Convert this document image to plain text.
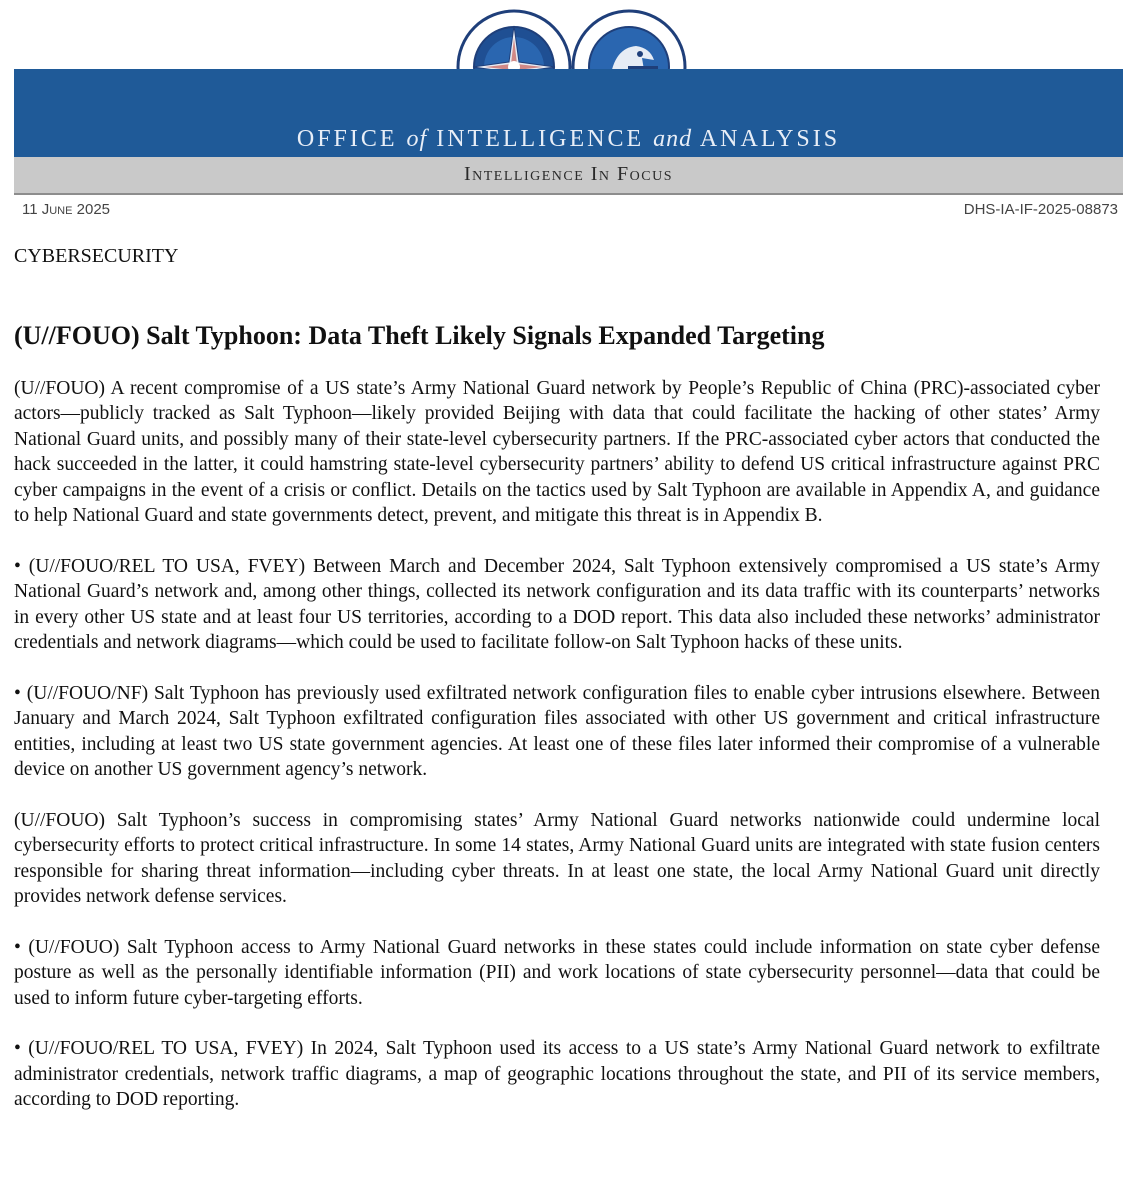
OFFICE of INTELLIGENCE and ANALYSIS
Intelligence In Focus
11 June 2025	DHS-IA-IF-2025-08873
CYBERSECURITY
(U//FOUO) Salt Typhoon: Data Theft Likely Signals Expanded Targeting

(U//FOUO) A recent compromise of a US state’s Army National Guard network by People’s Republic of China (PRC)-associated cyber actors—publicly tracked as Salt Typhoon—likely provided Beijing with data that could facilitate the hacking of other states’ Army National Guard units, and possibly many of their state-level cybersecurity partners. If the PRC-associated cyber actors that conducted the hack succeeded in the latter, it could hamstring state-level cybersecurity partners’ ability to defend US critical infrastructure against PRC cyber campaigns in the event of a crisis or conflict. Details on the tactics used by Salt Typhoon are available in Appendix A, and guidance to help National Guard and state governments detect, prevent, and mitigate this threat is in Appendix B.

• (U//FOUO/REL TO USA, FVEY) Between March and December 2024, Salt Typhoon extensively compromised a US state’s Army National Guard’s network and, among other things, collected its network configuration and its data traffic with its counterparts’ networks in every other US state and at least four US territories, according to a DOD report. This data also included these networks’ administrator credentials and network diagrams—which could be used to facilitate follow-on Salt Typhoon hacks of these units.

• (U//FOUO/NF) Salt Typhoon has previously used exfiltrated network configuration files to enable cyber intrusions elsewhere. Between January and March 2024, Salt Typhoon exfiltrated configuration files associated with other US government and critical infrastructure entities, including at least two US state government agencies. At least one of these files later informed their compromise of a vulnerable device on another US government agency’s network.

(U//FOUO) Salt Typhoon’s success in compromising states’ Army National Guard networks nationwide could undermine local cybersecurity efforts to protect critical infrastructure. In some 14 states, Army National Guard units are integrated with state fusion centers responsible for sharing threat information—including cyber threats. In at least one state, the local Army National Guard unit directly provides network defense services.

• (U//FOUO) Salt Typhoon access to Army National Guard networks in these states could include information on state cyber defense posture as well as the personally identifiable information (PII) and work locations of state cybersecurity personnel—data that could be used to inform future cyber-targeting efforts.

• (U//FOUO/REL TO USA, FVEY) In 2024, Salt Typhoon used its access to a US state’s Army National Guard network to exfiltrate administrator credentials, network traffic diagrams, a map of geographic locations throughout the state, and PII of its service members, according to DOD reporting.
